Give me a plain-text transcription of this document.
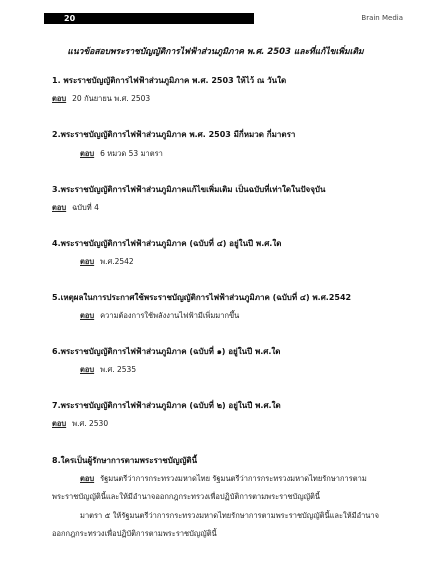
20	Brain Media
แนวข้อสอบพระราชบัญญัติการไฟฟ้าส่วนภูมิภาค พ.ศ. 2503 และที่แก้ไขเพิ่มเติม
1. พระราชบัญญัติการไฟฟ้าส่วนภูมิภาค พ.ศ. 2503 ให้ไว้ ณ วันใด
ตอบ 20 กันยายน พ.ศ. 2503
2.พระราชบัญญัติการไฟฟ้าส่วนภูมิภาค พ.ศ. 2503 มีกี่หมวด กี่มาตรา
ตอบ 6 หมวด 53 มาตรา
3.พระราชบัญญัติการไฟฟ้าส่วนภูมิภาคแก้ไขเพิ่มเติม เป็นฉบับที่เท่าใดในปัจจุบัน
ตอบ ฉบับที่ 4
4.พระราชบัญญัติการไฟฟ้าส่วนภูมิภาค (ฉบับที่ ๔) อยู่ในปี พ.ศ.ใด
ตอบ พ.ศ.2542
5.เหตุผลในการประกาศใช้พระราชบัญญัติการไฟฟ้าส่วนภูมิภาค (ฉบับที่ ๔) พ.ศ.2542
ตอบ ความต้องการใช้พลังงานไฟฟ้ามีเพิ่มมากขึ้น
6.พระราชบัญญัติการไฟฟ้าส่วนภูมิภาค (ฉบับที่ ๑) อยู่ในปี พ.ศ.ใด
ตอบ พ.ศ. 2535
7.พระราชบัญญัติการไฟฟ้าส่วนภูมิภาค (ฉบับที่ ๒) อยู่ในปี พ.ศ.ใด
ตอบ พ.ศ. 2530
8.ใครเป็นผู้รักษาการตามพระราชบัญญัตินี้
ตอบ รัฐมนตรีว่าการกระทรวงมหาดไทย รัฐมนตรีว่าการกระทรวงมหาดไทยรักษาการตาม
พระราชบัญญัตินี้และให้มีอำนาจออกกฎกระทรวงเพื่อปฏิบัติการตามพระราชบัญญัตินี้
มาตรา ๕ ให้รัฐมนตรีว่าการกระทรวงมหาดไทยรักษาการตามพระราชบัญญัตินี้และให้มีอำนาจ
ออกกฎกระทรวงเพื่อปฏิบัติการตามพระราชบัญญัตินี้
